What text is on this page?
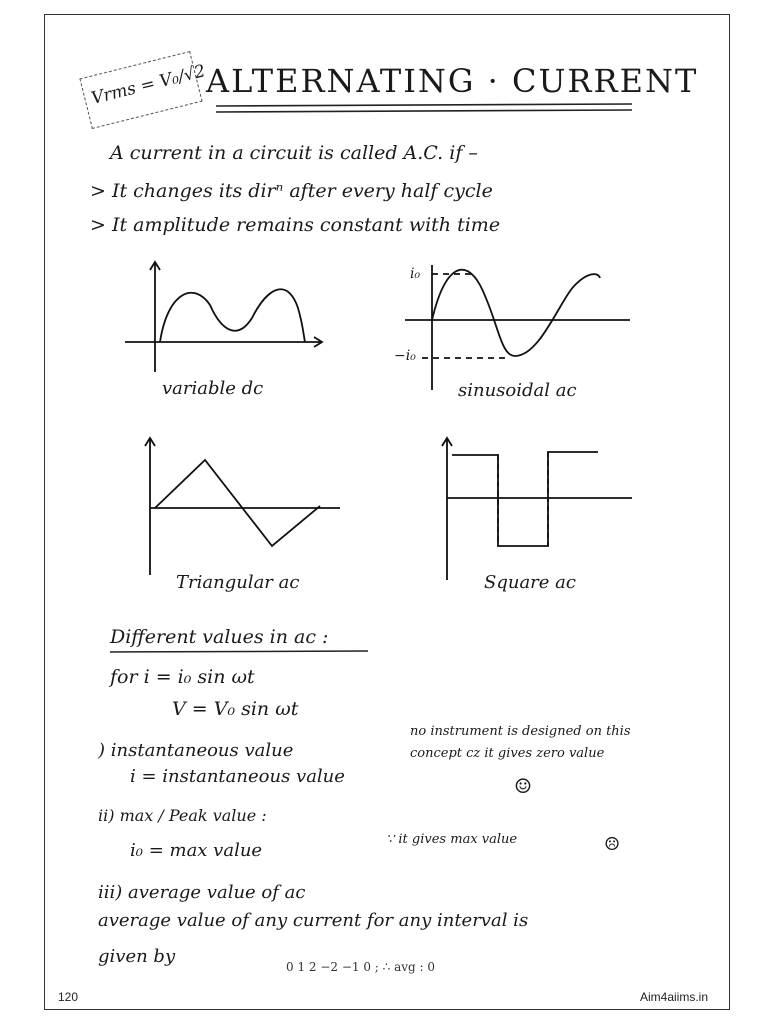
Vrms = V₀/√2
ALTERNATING · CURRENT
A current in a circuit is called A.C. if –
> It changes its dirⁿ after every half cycle
> It amplitude remains constant with time
i₀
−i₀
variable dc	sinusoidal ac
Triangular ac	Square ac
Different values in ac :
for i = i₀ sin ωt
V = V₀ sin ωt
) instantaneous value
i = instantaneous value
no instrument is designed on this
concept cz it gives zero value
☺
ii) max / Peak value :
i₀ = max value
∵ it gives max value	☹
iii) average value of ac
average value of any current for any interval is
given by	0 1 2 −2 −1 0 ; ∴ avg : 0
120	Aim4aiims.in
